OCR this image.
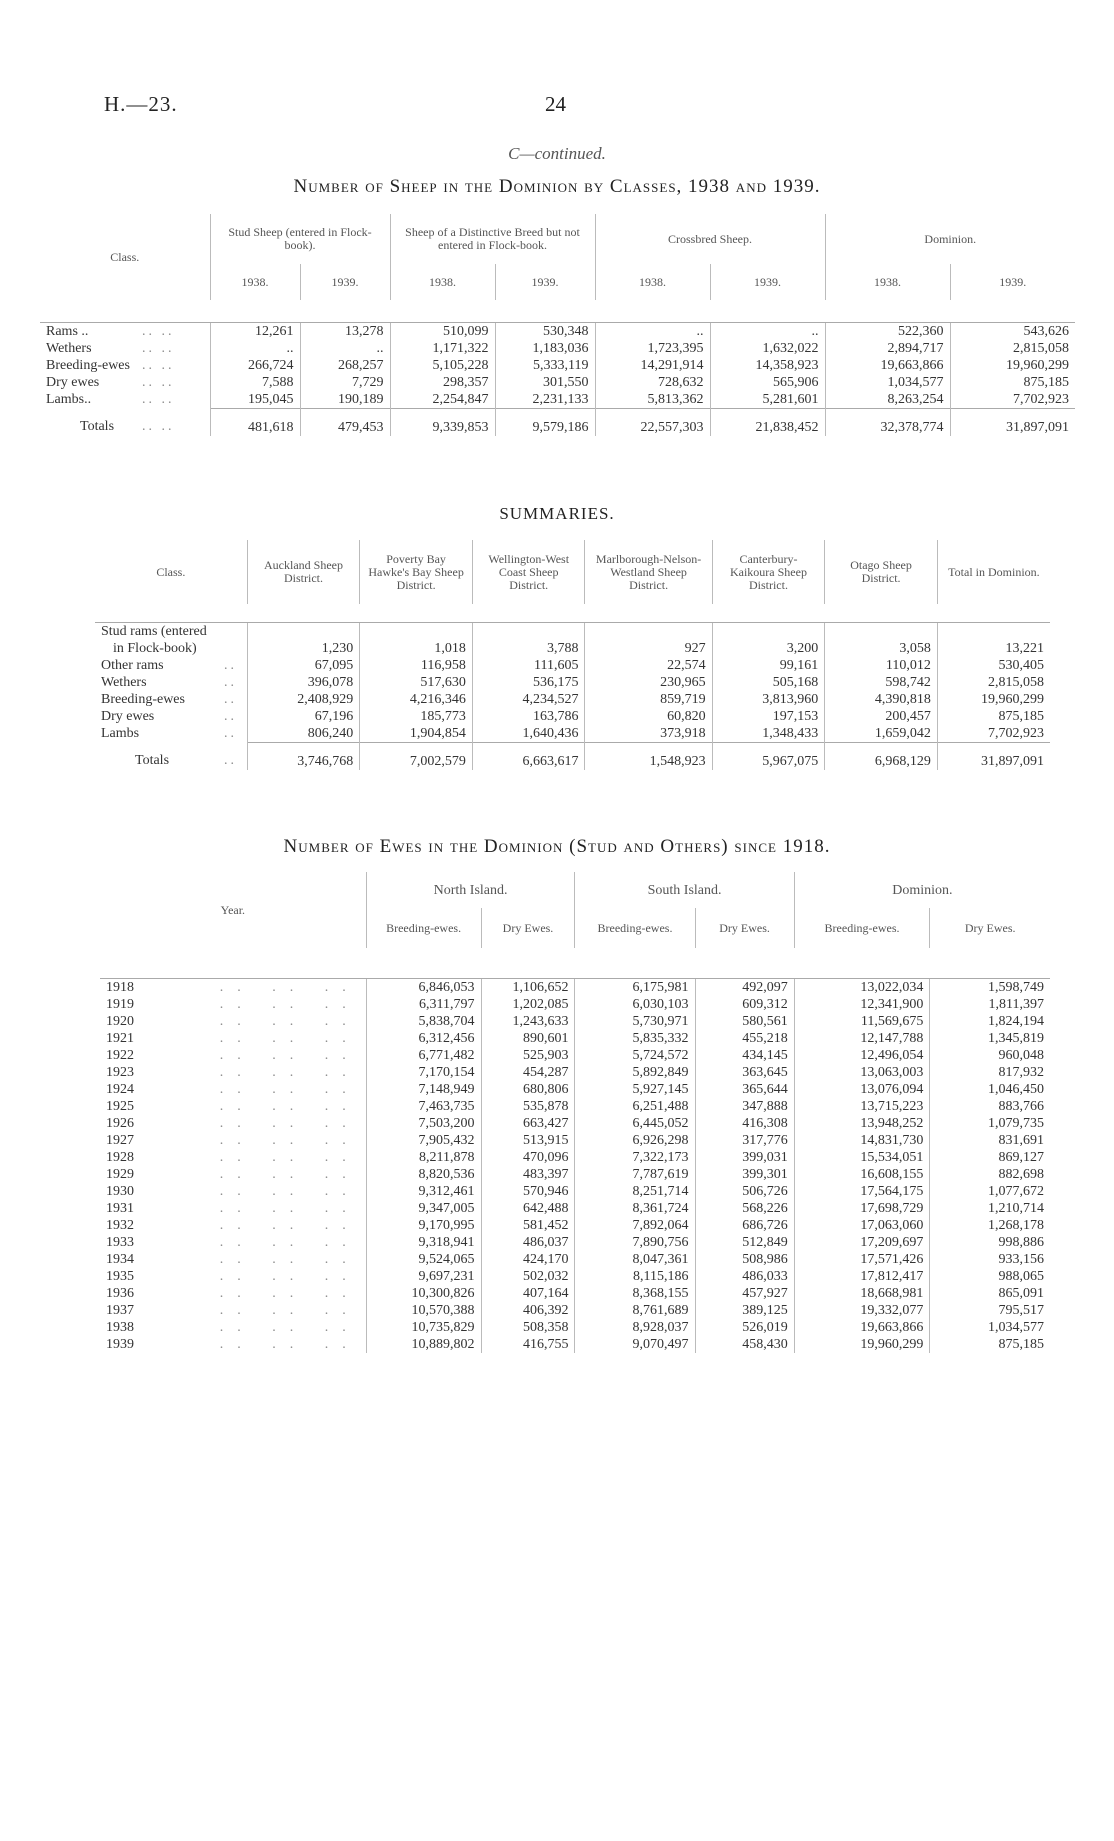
H.—23.	24
C—continued.
Number of Sheep in the Dominion by Classes, 1938 and 1939.
Class.		Stud Sheep (entered in Flock-book).		Sheep of a Distinctive Breed but not entered in Flock-book.		Crossbred Sheep.		Dominion.	
		1938.	1939.	1938.	1939.	1938.	1939.	1938.	1939.

Rams ..	.. ..	12,261	13,278	510,099	530,348	..	..	522,360	543,626
Wethers	.. ..	..	..	1,171,322	1,183,036	1,723,395	1,632,022	2,894,717	2,815,058
Breeding-ewes	.. ..	266,724	268,257	5,105,228	5,333,119	14,291,914	14,358,923	19,663,866	19,960,299
Dry ewes	.. ..	7,588	7,729	298,357	301,550	728,632	565,906	1,034,577	875,185
Lambs..	.. ..	195,045	190,189	2,254,847	2,231,133	5,813,362	5,281,601	8,263,254	7,702,923
Totals	.. ..	481,618	479,453	9,339,853	9,579,186	22,557,303	21,838,452	32,378,774	31,897,091
SUMMARIES.
Class.		Auckland Sheep District.	Poverty Bay Hawke's Bay Sheep District.	Wellington-West Coast Sheep District.	Marlborough-Nelson-Westland Sheep District.	Canterbury-Kaikoura Sheep District.	Otago Sheep District.	Total in Dominion.

Stud rams (entered								
in Flock-book)		1,230	1,018	3,788	927	3,200	3,058	13,221
Other rams	..	67,095	116,958	111,605	22,574	99,161	110,012	530,405
Wethers	..	396,078	517,630	536,175	230,965	505,168	598,742	2,815,058
Breeding-ewes	..	2,408,929	4,216,346	4,234,527	859,719	3,813,960	4,390,818	19,960,299
Dry ewes	..	67,196	185,773	163,786	60,820	197,153	200,457	875,185
Lambs	..	806,240	1,904,854	1,640,436	373,918	1,348,433	1,659,042	7,702,923
Totals	..	3,746,768	7,002,579	6,663,617	1,548,923	5,967,075	6,968,129	31,897,091
Number of Ewes in the Dominion (Stud and Others) since 1918.
Year.		North Island.		South Island.		Dominion.	
		Breeding-ewes.	Dry Ewes.	Breeding-ewes.	Dry Ewes.	Breeding-ewes.	Dry Ewes.

1918	.. .. ..	6,846,053	1,106,652	6,175,981	492,097	13,022,034	1,598,749
1919	.. .. ..	6,311,797	1,202,085	6,030,103	609,312	12,341,900	1,811,397
1920	.. .. ..	5,838,704	1,243,633	5,730,971	580,561	11,569,675	1,824,194
1921	.. .. ..	6,312,456	890,601	5,835,332	455,218	12,147,788	1,345,819
1922	.. .. ..	6,771,482	525,903	5,724,572	434,145	12,496,054	960,048
1923	.. .. ..	7,170,154	454,287	5,892,849	363,645	13,063,003	817,932
1924	.. .. ..	7,148,949	680,806	5,927,145	365,644	13,076,094	1,046,450
1925	.. .. ..	7,463,735	535,878	6,251,488	347,888	13,715,223	883,766
1926	.. .. ..	7,503,200	663,427	6,445,052	416,308	13,948,252	1,079,735
1927	.. .. ..	7,905,432	513,915	6,926,298	317,776	14,831,730	831,691
1928	.. .. ..	8,211,878	470,096	7,322,173	399,031	15,534,051	869,127
1929	.. .. ..	8,820,536	483,397	7,787,619	399,301	16,608,155	882,698
1930	.. .. ..	9,312,461	570,946	8,251,714	506,726	17,564,175	1,077,672
1931	.. .. ..	9,347,005	642,488	8,361,724	568,226	17,698,729	1,210,714
1932	.. .. ..	9,170,995	581,452	7,892,064	686,726	17,063,060	1,268,178
1933	.. .. ..	9,318,941	486,037	7,890,756	512,849	17,209,697	998,886
1934	.. .. ..	9,524,065	424,170	8,047,361	508,986	17,571,426	933,156
1935	.. .. ..	9,697,231	502,032	8,115,186	486,033	17,812,417	988,065
1936	.. .. ..	10,300,826	407,164	8,368,155	457,927	18,668,981	865,091
1937	.. .. ..	10,570,388	406,392	8,761,689	389,125	19,332,077	795,517
1938	.. .. ..	10,735,829	508,358	8,928,037	526,019	19,663,866	1,034,577
1939	.. .. ..	10,889,802	416,755	9,070,497	458,430	19,960,299	875,185
